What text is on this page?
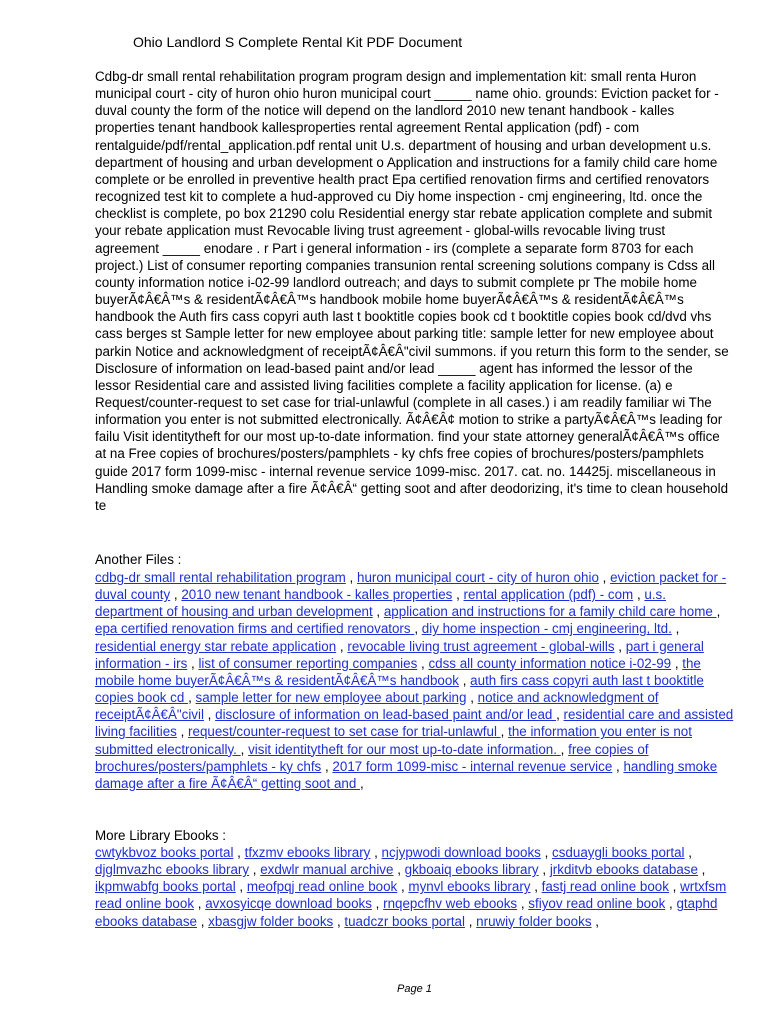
Ohio Landlord S Complete Rental Kit PDF Document

Cdbg-dr small rental rehabilitation program program design and implementation kit: small renta Huron municipal court - city of huron ohio huron municipal court _____ name ohio. grounds: Eviction packet for - duval county the form of the notice will depend on the landlord 2010 new tenant handbook - kalles properties tenant handbook kallesproperties rental agreement Rental application (pdf) - com rentalguide/pdf/rental_application.pdf rental unit U.s. department of housing and urban development u.s. department of housing and urban development o Application and instructions for a family child care home complete or be enrolled in preventive health pract Epa certified renovation firms and certified renovators recognized test kit to complete a hud-approved cu Diy home inspection - cmj engineering, ltd. once the checklist is complete, po box 21290 colu Residential energy star rebate application complete and submit your rebate application must Revocable living trust agreement - global-wills revocable living trust agreement _____ enodare . r Part i general information - irs (complete a separate form 8703 for each project.) List of consumer reporting companies transunion rental screening solutions company is Cdss all county information notice i-02-99 landlord outreach; and days to submit complete pr The mobile home buyerÃ¢Â€Â™s & residentÃ¢Â€Â™s handbook mobile home buyerÃ¢Â€Â™s & residentÃ¢Â€Â™s handbook the Auth firs cass copyri auth last t booktitle copies book cd t booktitle copies book cd/dvd vhs cass berges st Sample letter for new employee about parking title: sample letter for new employee about parkin Notice and acknowledgment of receiptÃ¢Â€Â"civil summons. if you return this form to the sender, se Disclosure of information on lead-based paint and/or lead _____ agent has informed the lessor of the lessor Residential care and assisted living facilities complete a facility application for license. (a) e Request/counter-request to set case for trial-unlawful (complete in all cases.) i am readily familiar wi The information you enter is not submitted electronically. Ã¢Â€Â¢ motion to strike a partyÃ¢Â€Â™s leading for failu Visit identitytheft for our most up-to-date information. find your state attorney generalÃ¢Â€Â™s office at na Free copies of brochures/posters/pamphlets - ky chfs free copies of brochures/posters/pamphlets guide 2017 form 1099-misc - internal revenue service 1099-misc. 2017. cat. no. 14425j. miscellaneous in Handling smoke damage after a fire Ã¢Â€Â“ getting soot and after deodorizing, it's time to clean household te

Another Files :

cdbg-dr small rental rehabilitation program , huron municipal court - city of huron ohio , eviction packet for - duval county , 2010 new tenant handbook - kalles properties , rental application (pdf) - com , u.s. department of housing and urban development , application and instructions for a family child care home , epa certified renovation firms and certified renovators , diy home inspection - cmj engineering, ltd. , residential energy star rebate application , revocable living trust agreement - global-wills , part i general information - irs , list of consumer reporting companies , cdss all county information notice i-02-99 , the mobile home buyerÃ¢Â€Â™s & residentÃ¢Â€Â™s handbook , auth firs cass copyri auth last t booktitle copies book cd , sample letter for new employee about parking , notice and acknowledgment of receiptÃ¢Â€Â"civil , disclosure of information on lead-based paint and/or lead , residential care and assisted living facilities , request/counter-request to set case for trial-unlawful , the information you enter is not submitted electronically. , visit identitytheft for our most up-to-date information. , free copies of brochures/posters/pamphlets - ky chfs , 2017 form 1099-misc - internal revenue service , handling smoke damage after a fire Ã¢Â€Â“ getting soot and ,

More Library Ebooks :

cwtykbvoz books portal , tfxzmv ebooks library , ncjypwodi download books , csduaygli books portal , djglmvazhc ebooks library , exdwlr manual archive , gkboaiq ebooks library , jrkditvb ebooks database , ikpmwabfg books portal , meofpqj read online book , mynvl ebooks library , fastj read online book , wrtxfsm read online book , avxosyicqe download books , rnqepcfhv web ebooks , sfiyov read online book , gtaphd ebooks database , xbasgjw folder books , tuadczr books portal , nruwiy folder books ,

Page 1
